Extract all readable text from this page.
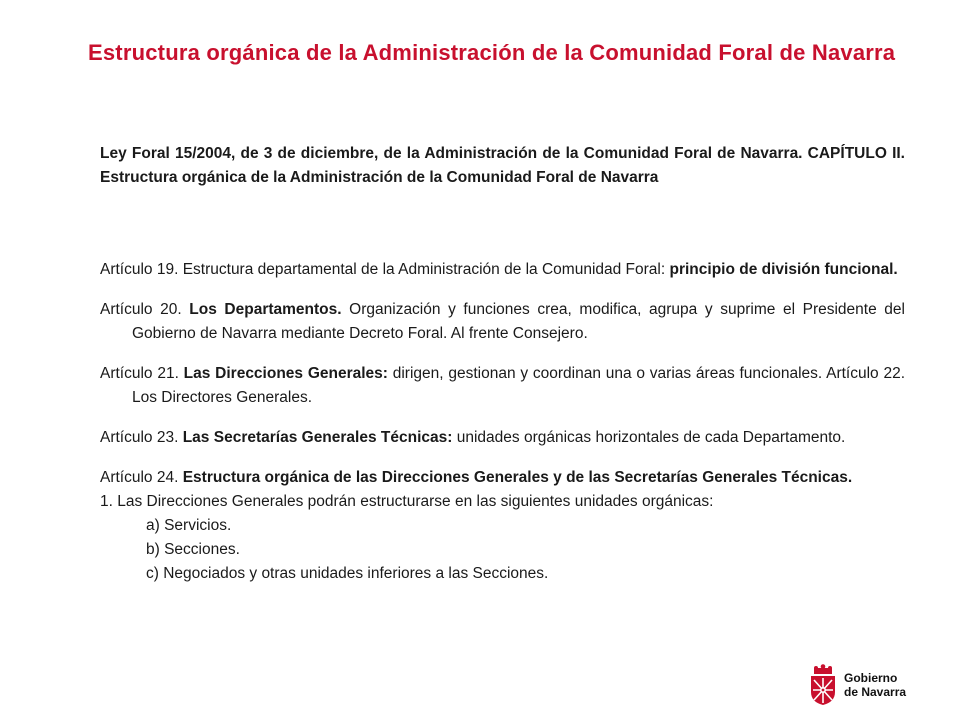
Estructura orgánica de la Administración de la Comunidad Foral de Navarra
Ley Foral 15/2004, de 3 de diciembre, de la Administración de la Comunidad Foral de Navarra. CAPÍTULO II. Estructura orgánica de la Administración de la Comunidad Foral de Navarra

Artículo 19. Estructura departamental de la Administración de la Comunidad Foral: principio de división funcional.

Artículo 20. Los Departamentos. Organización y funciones crea, modifica, agrupa y suprime el Presidente del Gobierno de Navarra mediante Decreto Foral. Al frente Consejero.

Artículo 21. Las Direcciones Generales: dirigen, gestionan y coordinan una o varias áreas funcionales. Artículo 22. Los Directores Generales.

Artículo 23. Las Secretarías Generales Técnicas: unidades orgánicas horizontales de cada Departamento.

Artículo 24. Estructura orgánica de las Direcciones Generales y de las Secretarías Generales Técnicas.
1. Las Direcciones Generales podrán estructurarse en las siguientes unidades orgánicas:
a) Servicios.
b) Secciones.
c) Negociados y otras unidades inferiores a las Secciones.
Gobierno
de Navarra
